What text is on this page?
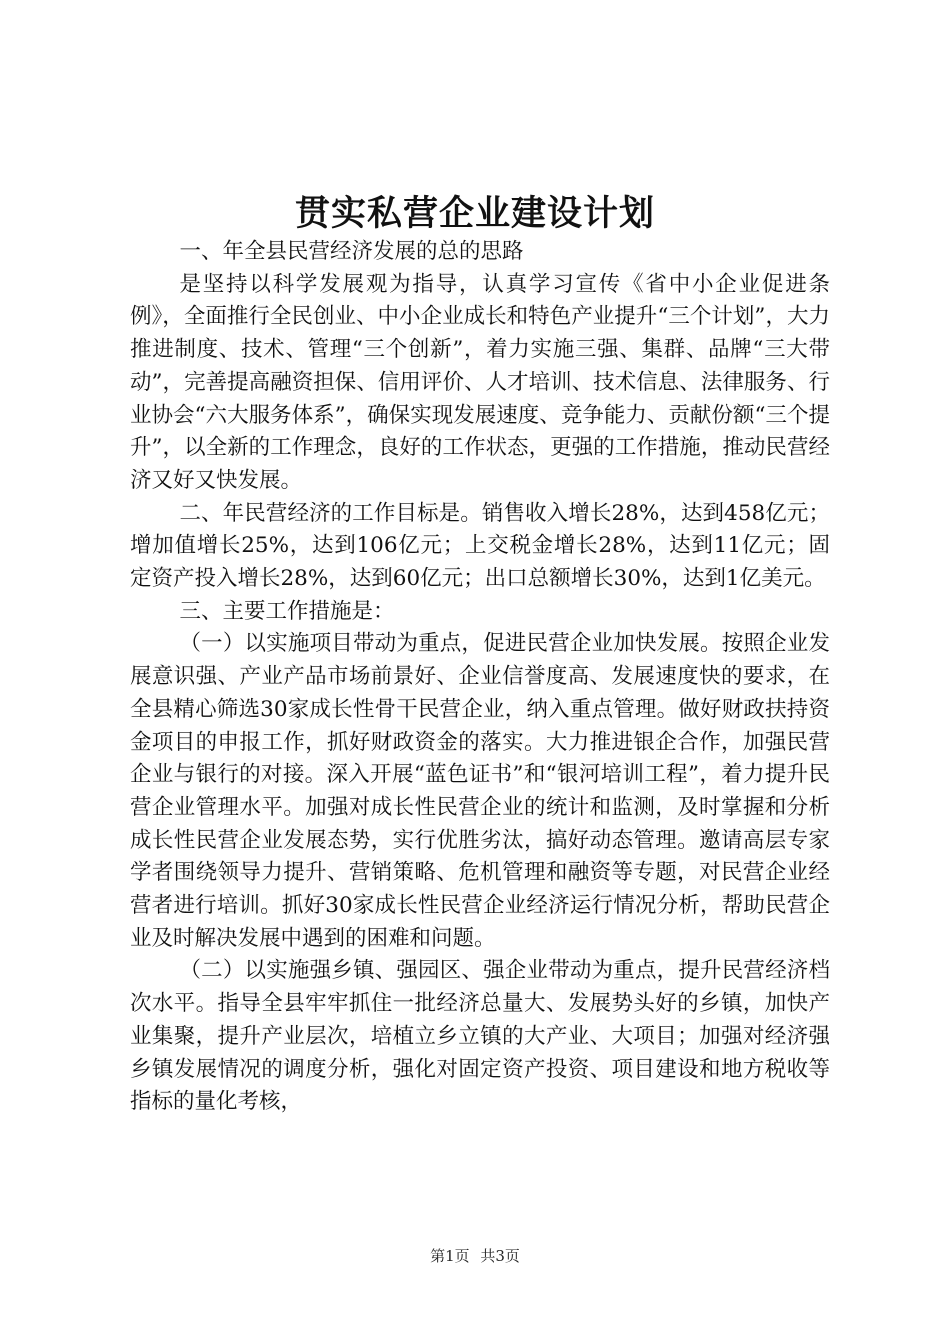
贯实私营企业建设计划

一、年全县民营经济发展的总的思路

是坚持以科学发展观为指导，认真学习宣传《省中小企业促进条例》，全面推行全民创业、中小企业成长和特色产业提升“三个计划”，大力推进制度、技术、管理“三个创新”，着力实施三强、集群、品牌“三大带动”，完善提高融资担保、信用评价、人才培训、技术信息、法律服务、行业协会“六大服务体系”，确保实现发展速度、竞争能力、贡献份额“三个提升”，以全新的工作理念，良好的工作状态，更强的工作措施，推动民营经济又好又快发展。

二、年民营经济的工作目标是。销售收入增长28%，达到458亿元；增加值增长25%，达到106亿元；上交税金增长28%，达到11亿元；固定资产投入增长28%，达到60亿元；出口总额增长30%，达到1亿美元。

三、主要工作措施是：

（一）以实施项目带动为重点，促进民营企业加快发展。按照企业发展意识强、产业产品市场前景好、企业信誉度高、发展速度快的要求，在全县精心筛选30家成长性骨干民营企业，纳入重点管理。做好财政扶持资金项目的申报工作，抓好财政资金的落实。大力推进银企合作，加强民营企业与银行的对接。深入开展“蓝色证书”和“银河培训工程”，着力提升民营企业管理水平。加强对成长性民营企业的统计和监测，及时掌握和分析成长性民营企业发展态势，实行优胜劣汰，搞好动态管理。邀请高层专家学者围绕领导力提升、营销策略、危机管理和融资等专题，对民营企业经营者进行培训。抓好30家成长性民营企业经济运行情况分析，帮助民营企业及时解决发展中遇到的困难和问题。

（二）以实施强乡镇、强园区、强企业带动为重点，提升民营经济档次水平。指导全县牢牢抓住一批经济总量大、发展势头好的乡镇，加快产业集聚，提升产业层次，培植立乡立镇的大产业、大项目；加强对经济强乡镇发展情况的调度分析，强化对固定资产投资、项目建设和地方税收等指标的量化考核，

第1页 共3页
